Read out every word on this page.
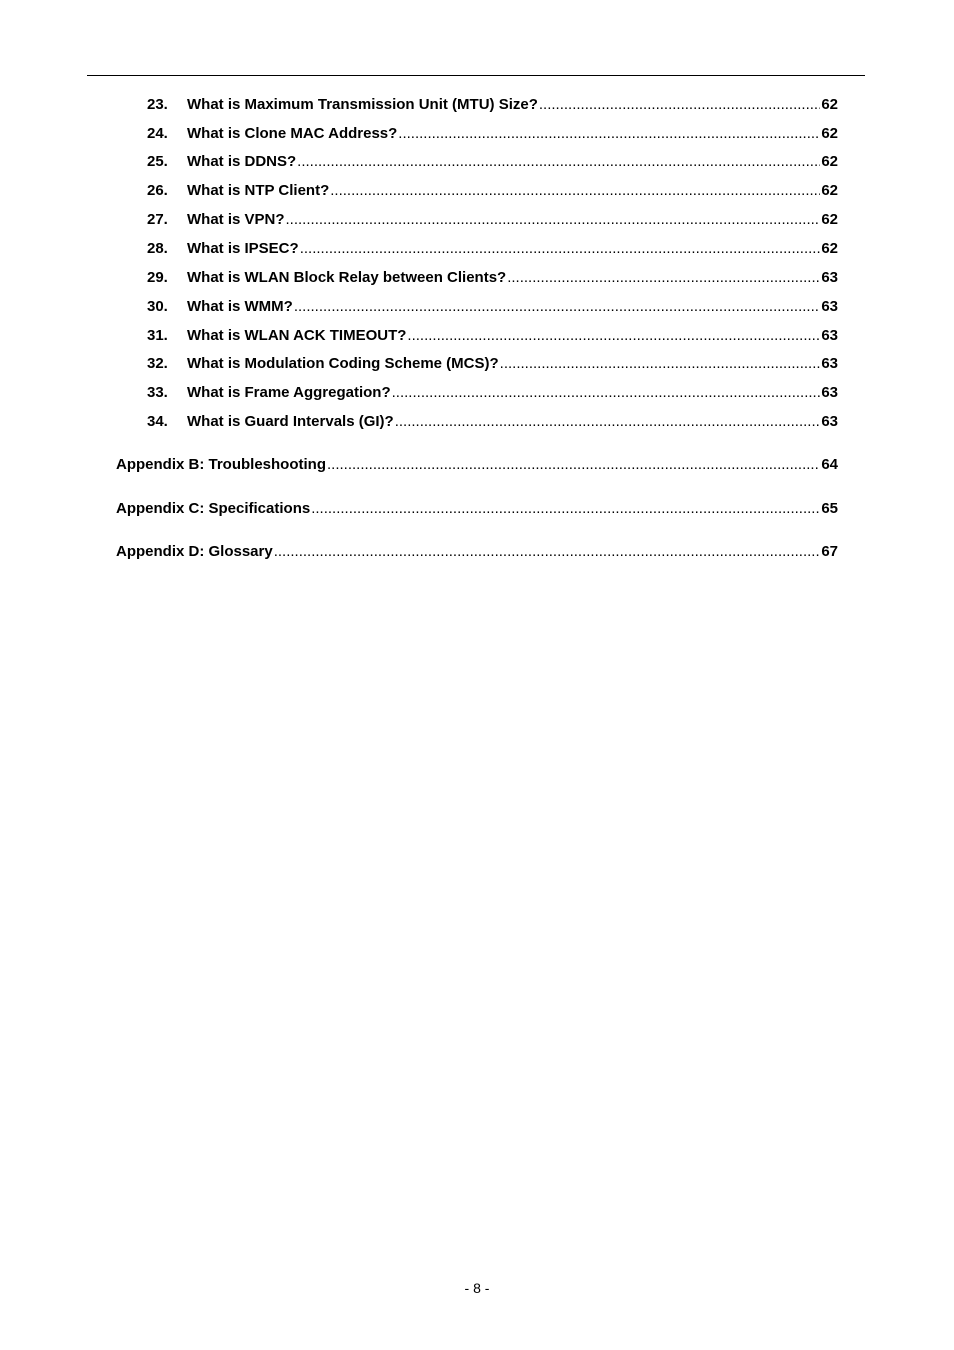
23.	What is Maximum Transmission Unit (MTU) Size? .....	62
24.	What is Clone MAC Address? .....	62
25.	What is DDNS? .....	62
26.	What is NTP Client? .....	62
27.	What is VPN? .....	62
28.	What is IPSEC? .....	62
29.	What is WLAN Block Relay between Clients? .....	63
30.	What is WMM? .....	63
31.	What is WLAN ACK TIMEOUT? .....	63
32.	What is Modulation Coding Scheme (MCS)? .....	63
33.	What is Frame Aggregation? .....	63
34.	What is Guard Intervals (GI)? .....	63
Appendix B: Troubleshooting .....	64
Appendix C: Specifications .....	65
Appendix D: Glossary .....	67
- 8 -
